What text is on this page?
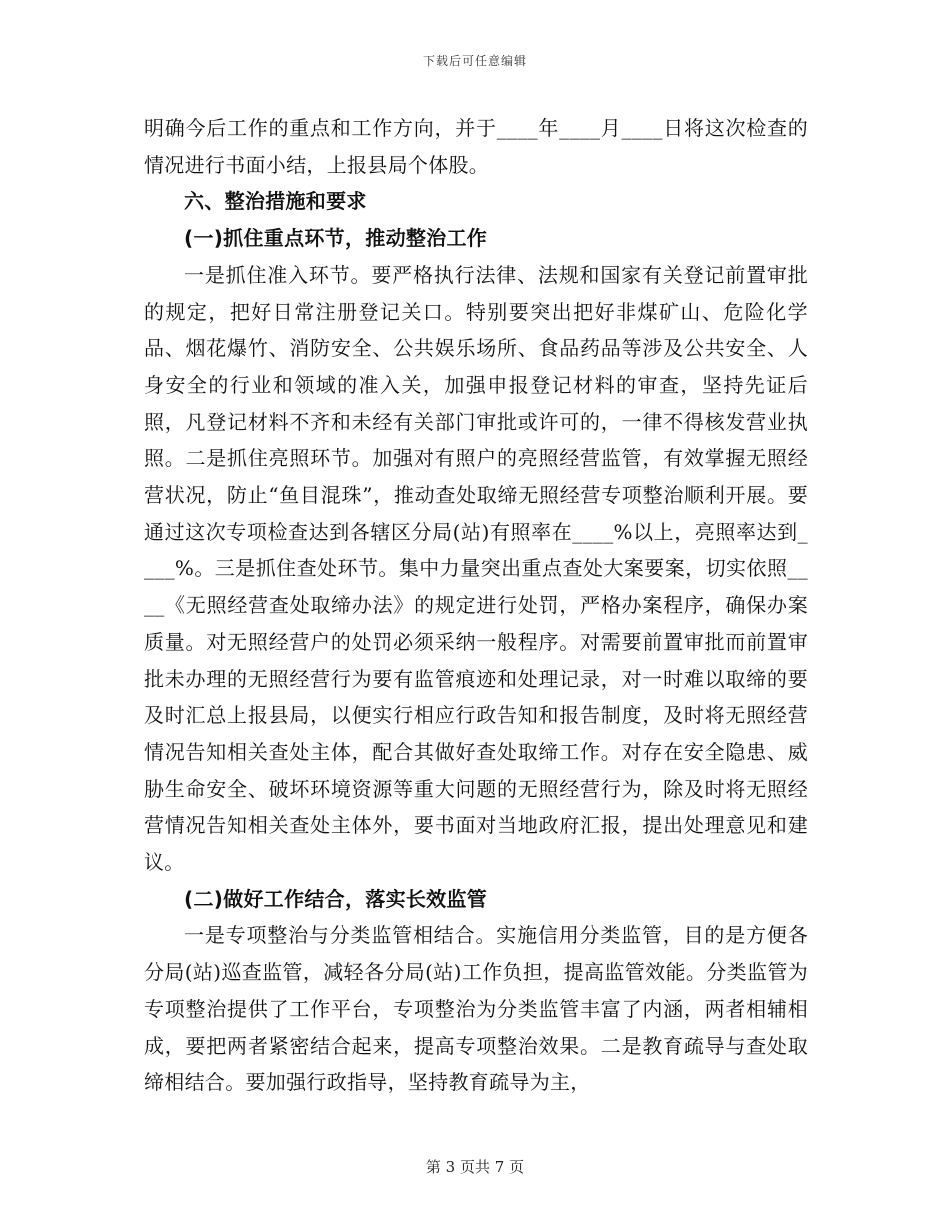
下载后可任意编辑

明确今后工作的重点和工作方向，并于____年____月____日将这次检查的情况进行书面小结，上报县局个体股。

六、整治措施和要求

(一)抓住重点环节，推动整治工作

一是抓住准入环节。要严格执行法律、法规和国家有关登记前置审批的规定，把好日常注册登记关口。特别要突出把好非煤矿山、危险化学品、烟花爆竹、消防安全、公共娱乐场所、食品药品等涉及公共安全、人身安全的行业和领域的准入关，加强申报登记材料的审查，坚持先证后照，凡登记材料不齐和未经有关部门审批或许可的，一律不得核发营业执照。二是抓住亮照环节。加强对有照户的亮照经营监管，有效掌握无照经营状况，防止“鱼目混珠”，推动查处取缔无照经营专项整治顺利开展。要通过这次专项检查达到各辖区分局(站)有照率在____%以上，亮照率达到____%。三是抓住查处环节。集中力量突出重点查处大案要案，切实依照____《无照经营查处取缔办法》的规定进行处罚，严格办案程序，确保办案质量。对无照经营户的处罚必须采纳一般程序。对需要前置审批而前置审批未办理的无照经营行为要有监管痕迹和处理记录，对一时难以取缔的要及时汇总上报县局，以便实行相应行政告知和报告制度，及时将无照经营情况告知相关查处主体，配合其做好查处取缔工作。对存在安全隐患、威胁生命安全、破坏环境资源等重大问题的无照经营行为，除及时将无照经营情况告知相关查处主体外，要书面对当地政府汇报，提出处理意见和建议。

(二)做好工作结合，落实长效监管

一是专项整治与分类监管相结合。实施信用分类监管，目的是方便各分局(站)巡查监管，减轻各分局(站)工作负担，提高监管效能。分类监管为专项整治提供了工作平台，专项整治为分类监管丰富了内涵，两者相辅相成，要把两者紧密结合起来，提高专项整治效果。二是教育疏导与查处取缔相结合。要加强行政指导，坚持教育疏导为主，

第 3 页共 7 页
